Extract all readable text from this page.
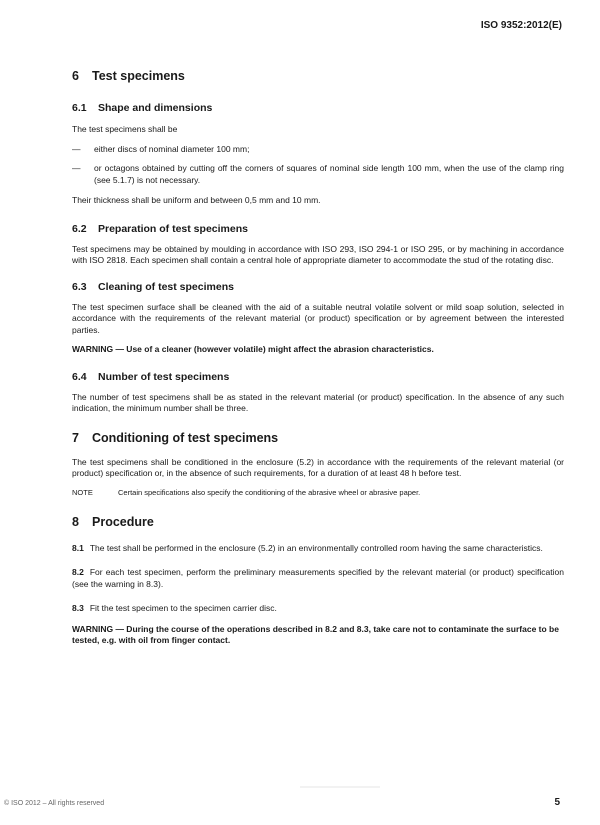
ISO 9352:2012(E)
6 Test specimens
6.1 Shape and dimensions

The test specimens shall be

—	either discs of nominal diameter 100 mm;
—	or octagons obtained by cutting off the corners of squares of nominal side length 100 mm, when the use of the clamp ring (see 5.1.7) is not necessary.

Their thickness shall be uniform and between 0,5 mm and 10 mm.

6.2 Preparation of test specimens

Test specimens may be obtained by moulding in accordance with ISO 293, ISO 294-1 or ISO 295, or by machining in accordance with ISO 2818. Each specimen shall contain a central hole of appropriate diameter to accommodate the stud of the rotating disc.

6.3 Cleaning of test specimens

The test specimen surface shall be cleaned with the aid of a suitable neutral volatile solvent or mild soap solution, selected in accordance with the requirements of the relevant material (or product) specification or by agreement between the interested parties.

WARNING — Use of a cleaner (however volatile) might affect the abrasion characteristics.
6.4 Number of test specimens

The number of test specimens shall be as stated in the relevant material (or product) specification. In the absence of any such indication, the minimum number shall be three.

7 Conditioning of test specimens

The test specimens shall be conditioned in the enclosure (5.2) in accordance with the requirements of the relevant material (or product) specification or, in the absence of such requirements, for a duration of at least 48 h before test.

NOTE	Certain specifications also specify the conditioning of the abrasive wheel or abrasive paper.
8 Procedure

8.1 The test shall be performed in the enclosure (5.2) in an environmentally controlled room having the same characteristics.

8.2 For each test specimen, perform the preliminary measurements specified by the relevant material (or product) specification (see the warning in 8.3).

8.3 Fit the test specimen to the specimen carrier disc.

WARNING — During the course of the operations described in 8.2 and 8.3, take care not to contaminate the surface to be tested, e.g. with oil from finger contact.
© ISO 2012 – All rights reserved	5
